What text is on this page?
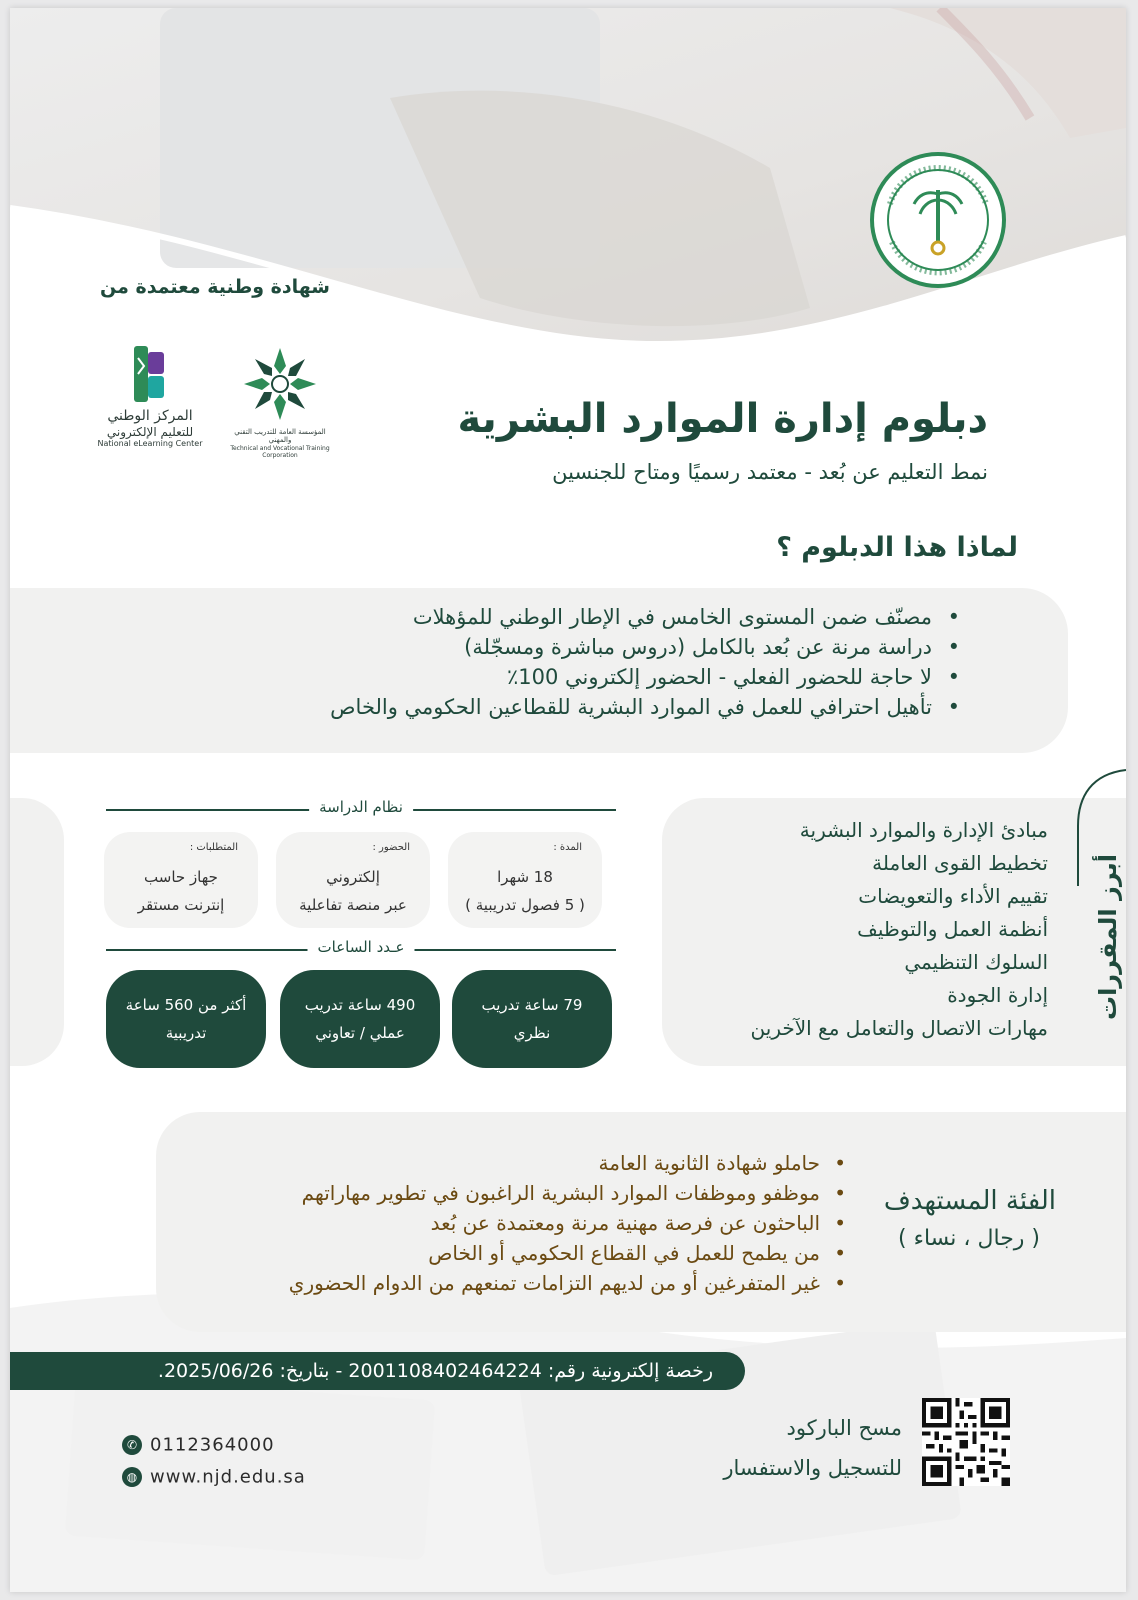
شهادة وطنية معتمدة من
المؤسسة العامة للتدريب التقني والمهني
Technical and Vocational Training Corporation
المركز الوطني
للتعليم الإلكتروني
National eLearning Center
دبلوم إدارة الموارد البشرية
نمط التعليم عن بُعد - معتمد رسميًا ومتاح للجنسين
لماذا هذا الدبلوم ؟
• مصنّف ضمن المستوى الخامس في الإطار الوطني للمؤهلات
• دراسة مرنة عن بُعد بالكامل (دروس مباشرة ومسجّلة)
• لا حاجة للحضور الفعلي - الحضور إلكتروني 100٪
• تأهيل احترافي للعمل في الموارد البشرية للقطاعين الحكومي والخاص
أبرز المقررات
مبادئ الإدارة والموارد البشرية
تخطيط القوى العاملة
تقييم الأداء والتعويضات
أنظمة العمل والتوظيف
السلوك التنظيمي
إدارة الجودة
مهارات الاتصال والتعامل مع الآخرين
نظام الدراسة
المدة :
18 شهرا
( 5 فصول تدريبية )
الحضور :
إلكتروني
عبر منصة تفاعلية
المتطلبات :
جهاز حاسب
إنترنت مستقر
عـدد الساعات
79 ساعة تدريب
نظري
490 ساعة تدريب
عملي / تعاوني
أكثر من 560 ساعة
تدريبية
• حاملو شهادة الثانوية العامة
• موظفو وموظفات الموارد البشرية الراغبون في تطوير مهاراتهم
• الباحثون عن فرصة مهنية مرنة ومعتمدة عن بُعد
• من يطمح للعمل في القطاع الحكومي أو الخاص
• غير المتفرغين أو من لديهم التزامات تمنعهم من الدوام الحضوري
الفئة المستهدف
( رجال ، نساء )
رخصة إلكترونية رقم: 2001108402464224 - بتاريخ: 2025/06/26.
مسح الباركود
للتسجيل والاستفسار
✆ 0112364000
◍ www.njd.edu.sa
